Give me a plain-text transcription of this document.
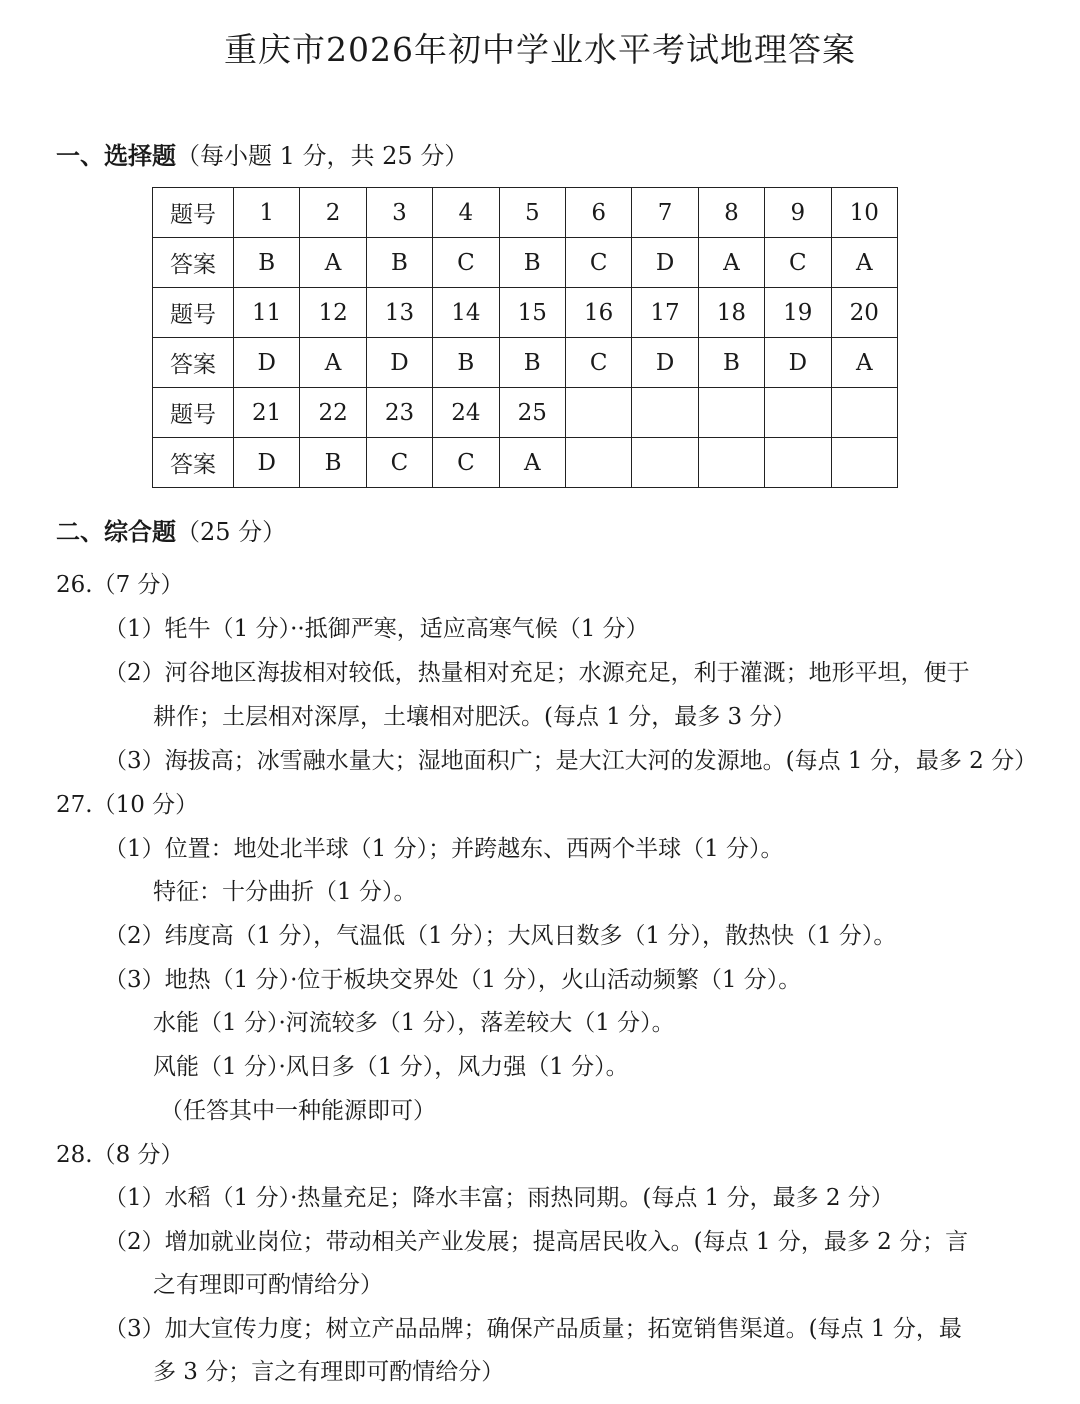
重庆市2026年初中学业水平考试地理答案
一、选择题（每小题 1 分，共 25 分）
题号	1	2	3	4	5	6	7	8	9	10
答案	B	A	B	C	B	C	D	A	C	A
题号	11	12	13	14	15	16	17	18	19	20
答案	D	A	D	B	B	C	D	B	D	A
题号	21	22	23	24	25					
答案	D	B	C	C	A					
二、综合题（25 分）
26.（7 分）
（1）牦牛（1 分）··抵御严寒，适应高寒气候（1 分）
（2）河谷地区海拔相对较低，热量相对充足；水源充足，利于灌溉；地形平坦，便于
耕作；土层相对深厚，土壤相对肥沃。(每点 1 分，最多 3 分）
（3）海拔高；冰雪融水量大；湿地面积广；是大江大河的发源地。(每点 1 分，最多 2 分）
27.（10 分）
（1）位置：地处北半球（1 分）；并跨越东、西两个半球（1 分）。
特征：十分曲折（1 分）。
（2）纬度高（1 分），气温低（1 分）；大风日数多（1 分），散热快（1 分）。
（3）地热（1 分）·位于板块交界处（1 分），火山活动频繁（1 分）。
水能（1 分）·河流较多（1 分），落差较大（1 分）。
风能（1 分）·风日多（1 分），风力强（1 分）。
（任答其中一种能源即可）
28.（8 分）
（1）水稻（1 分）·热量充足；降水丰富；雨热同期。(每点 1 分，最多 2 分）
（2）增加就业岗位；带动相关产业发展；提高居民收入。(每点 1 分，最多 2 分；言
之有理即可酌情给分）
（3）加大宣传力度；树立产品品牌；确保产品质量；拓宽销售渠道。(每点 1 分，最
多 3 分；言之有理即可酌情给分）
